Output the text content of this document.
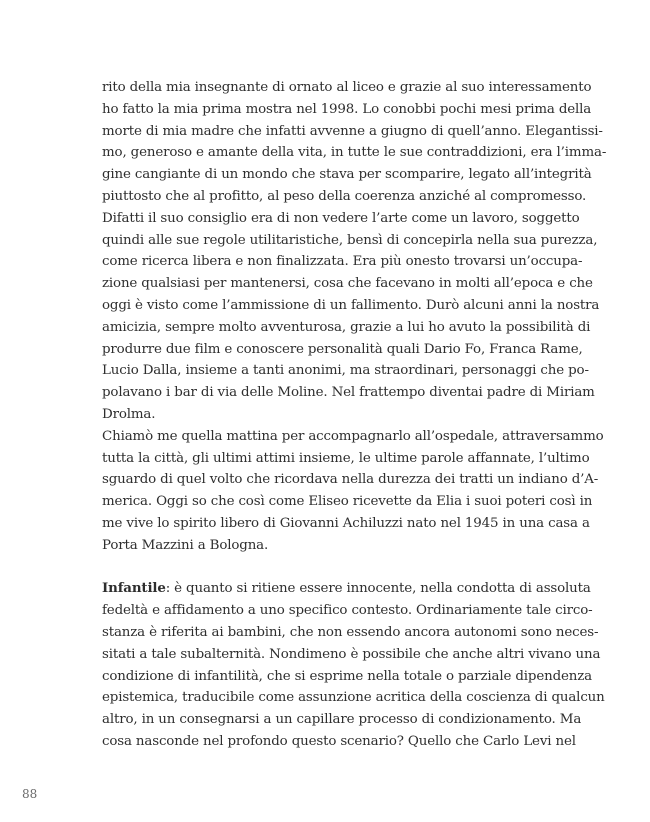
rito della mia insegnante di ornato al liceo e grazie al suo interessamento
ho fatto la mia prima mostra nel 1998. Lo conobbi pochi mesi prima della
morte di mia madre che infatti avvenne a giugno di quell’anno. Elegantissi-
mo, generoso e amante della vita, in tutte le sue contraddizioni, era l’imma-
gine cangiante di un mondo che stava per scomparire, legato all’integrità
piuttosto che al profitto, al peso della coerenza anziché al compromesso.
Difatti il suo consiglio era di non vedere l’arte come un lavoro, soggetto
quindi alle sue regole utilitaristiche, bensì di concepirla nella sua purezza,
come ricerca libera e non finalizzata. Era più onesto trovarsi un’occupa-
zione qualsiasi per mantenersi, cosa che facevano in molti all’epoca e che
oggi è visto come l’ammissione di un fallimento. Durò alcuni anni la nostra
amicizia, sempre molto avventurosa, grazie a lui ho avuto la possibilità di
produrre due film e conoscere personalità quali Dario Fo, Franca Rame,
Lucio Dalla, insieme a tanti anonimi, ma straordinari, personaggi che po-
polavano i bar di via delle Moline. Nel frattempo diventai padre di Miriam
Drolma.
Chiamò me quella mattina per accompagnarlo all’ospedale, attraversammo
tutta la città, gli ultimi attimi insieme, le ultime parole affannate, l’ultimo
sguardo di quel volto che ricordava nella durezza dei tratti un indiano d’A-
merica. Oggi so che così come Eliseo ricevette da Elia i suoi poteri così in
me vive lo spirito libero di Giovanni Achiluzzi nato nel 1945 in una casa a
Porta Mazzini a Bologna.
Infantile: è quanto si ritiene essere innocente, nella condotta di assoluta
fedeltà e affidamento a uno specifico contesto. Ordinariamente tale circo-
stanza è riferita ai bambini, che non essendo ancora autonomi sono neces-
sitati a tale subalternità. Nondimeno è possibile che anche altri vivano una
condizione di infantilità, che si esprime nella totale o parziale dipendenza
epistemica, traducibile come assunzione acritica della coscienza di qualcun
altro, in un consegnarsi a un capillare processo di condizionamento. Ma
cosa nasconde nel profondo questo scenario? Quello che Carlo Levi nel
88
